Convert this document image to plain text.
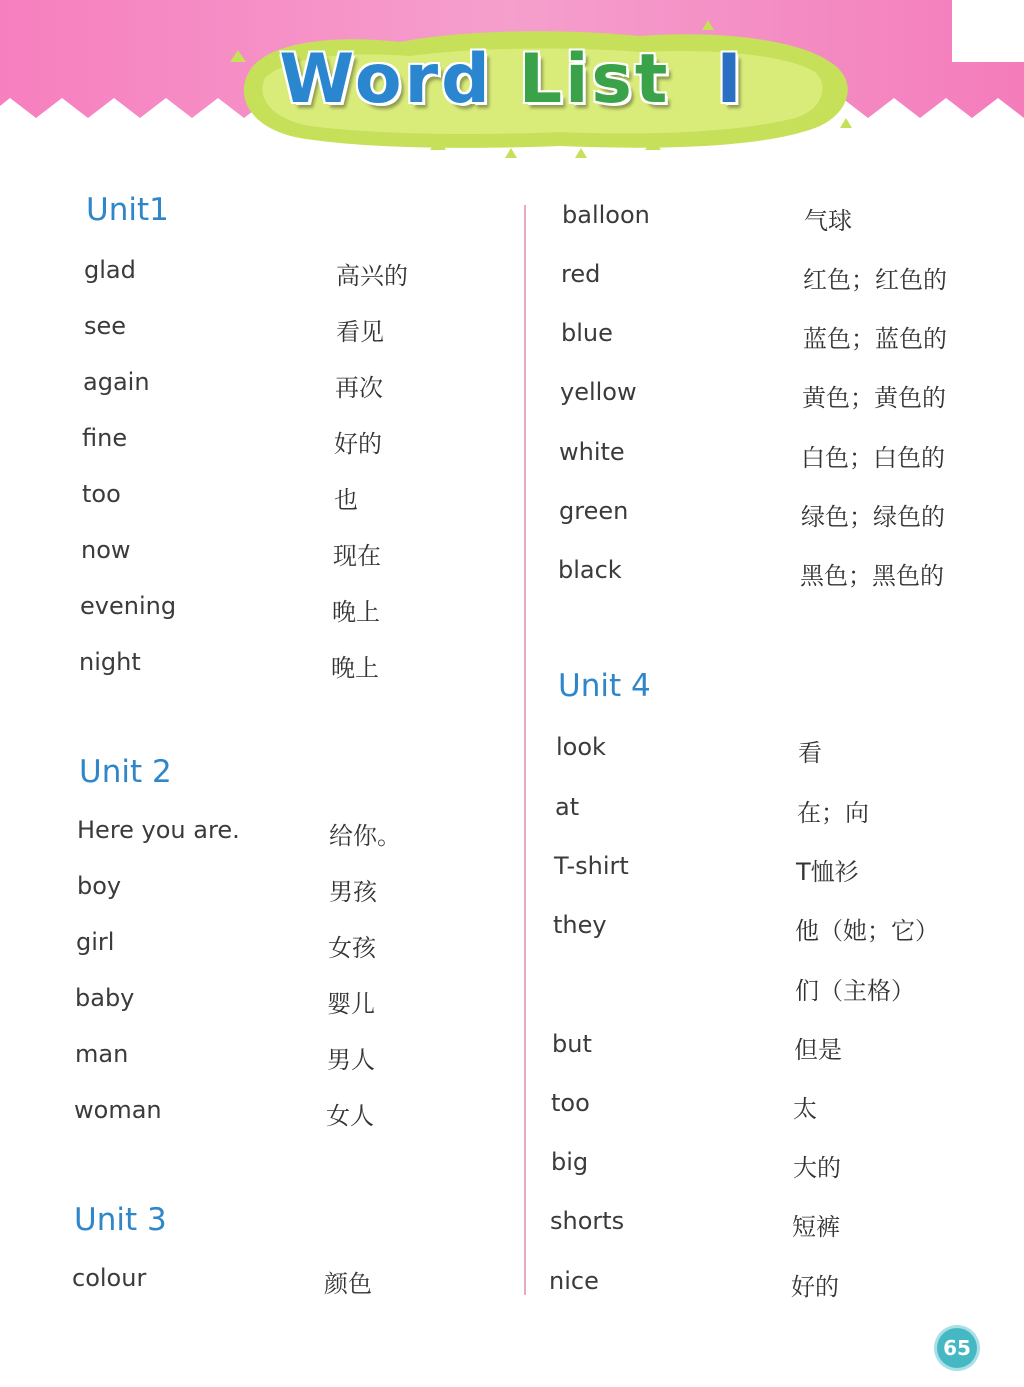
Word List I
Unit1
glad	高兴的
see	看见
again	再次
fine	好的
too	也
now	现在
evening	晚上
night	晚上
Unit 2
Here you are.	给你。
boy	男孩
girl	女孩
baby	婴儿
man	男人
woman	女人
Unit 3
colour	颜色
balloon	气球
red	红色；红色的
blue	蓝色；蓝色的
yellow	黄色；黄色的
white	白色；白色的
green	绿色；绿色的
black	黑色；黑色的
Unit 4
look	看
at	在；向
T-shirt	T恤衫
they	他（她；它）
们（主格）
but	但是
too	太
big	大的
shorts	短裤
nice	好的
65
